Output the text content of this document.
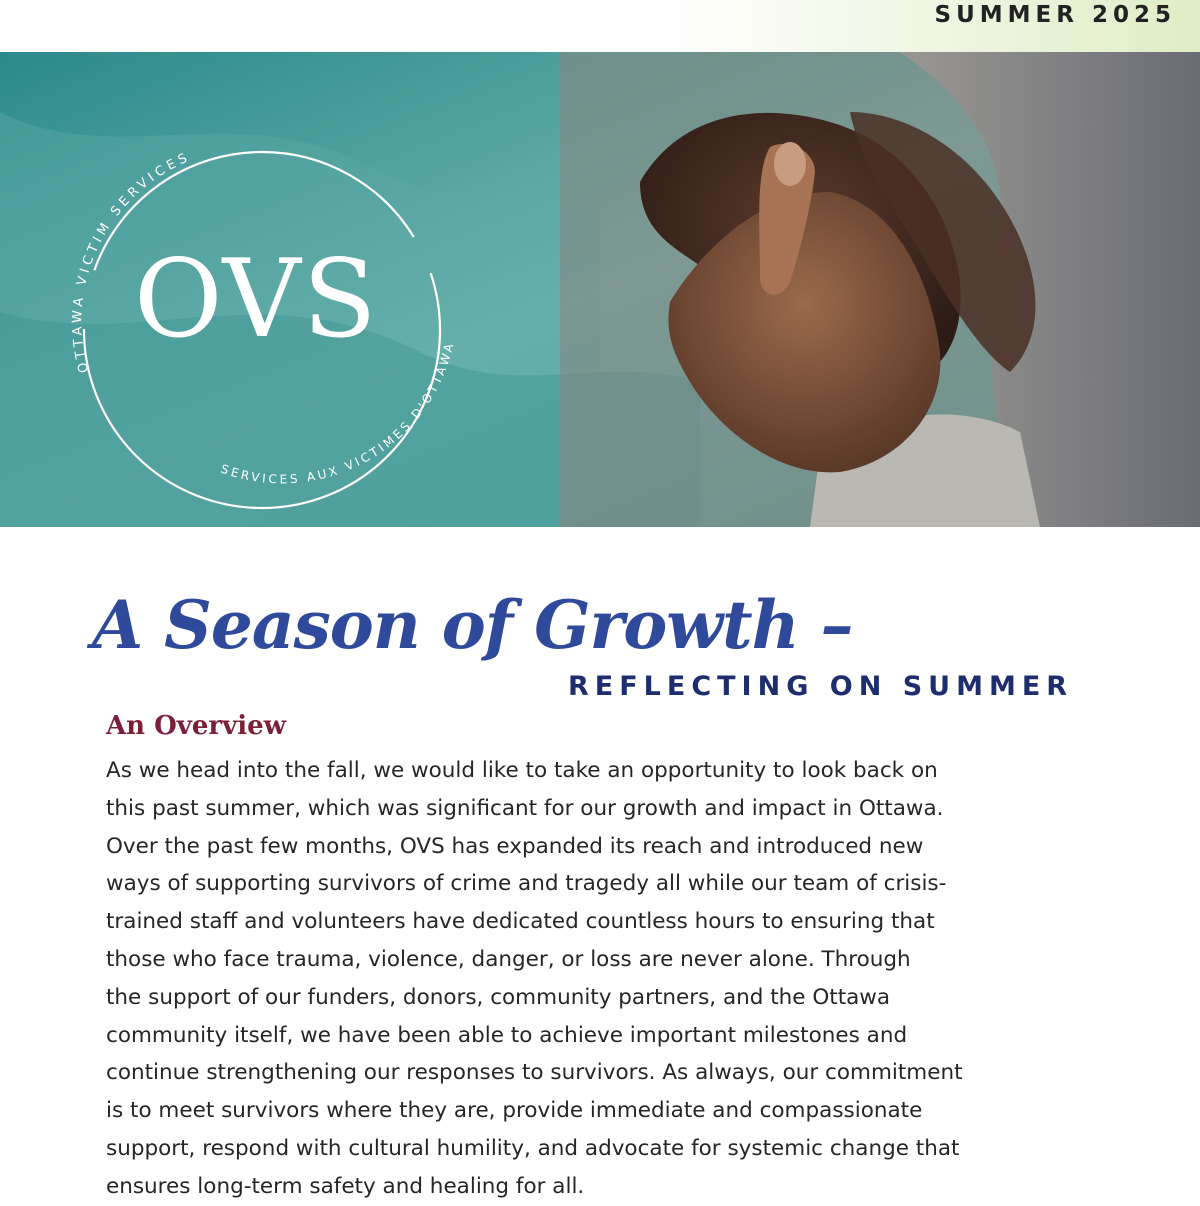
SUMMER 2025
OTTAWA VICTIM SERVICES
SERVICES AUX VICTIMES D'OTTAWA
OVS
A Season of Growth –
REFLECTING ON SUMMER
An Overview
As we head into the fall, we would like to take an opportunity to look back on
this past summer, which was significant for our growth and impact in Ottawa.
Over the past few months, OVS has expanded its reach and introduced new
ways of supporting survivors of crime and tragedy all while our team of crisis-
trained staff and volunteers have dedicated countless hours to ensuring that
those who face trauma, violence, danger, or loss are never alone. Through
the support of our funders, donors, community partners, and the Ottawa
community itself, we have been able to achieve important milestones and
continue strengthening our responses to survivors. As always, our commitment
is to meet survivors where they are, provide immediate and compassionate
support, respond with cultural humility, and advocate for systemic change that
ensures long-term safety and healing for all.
